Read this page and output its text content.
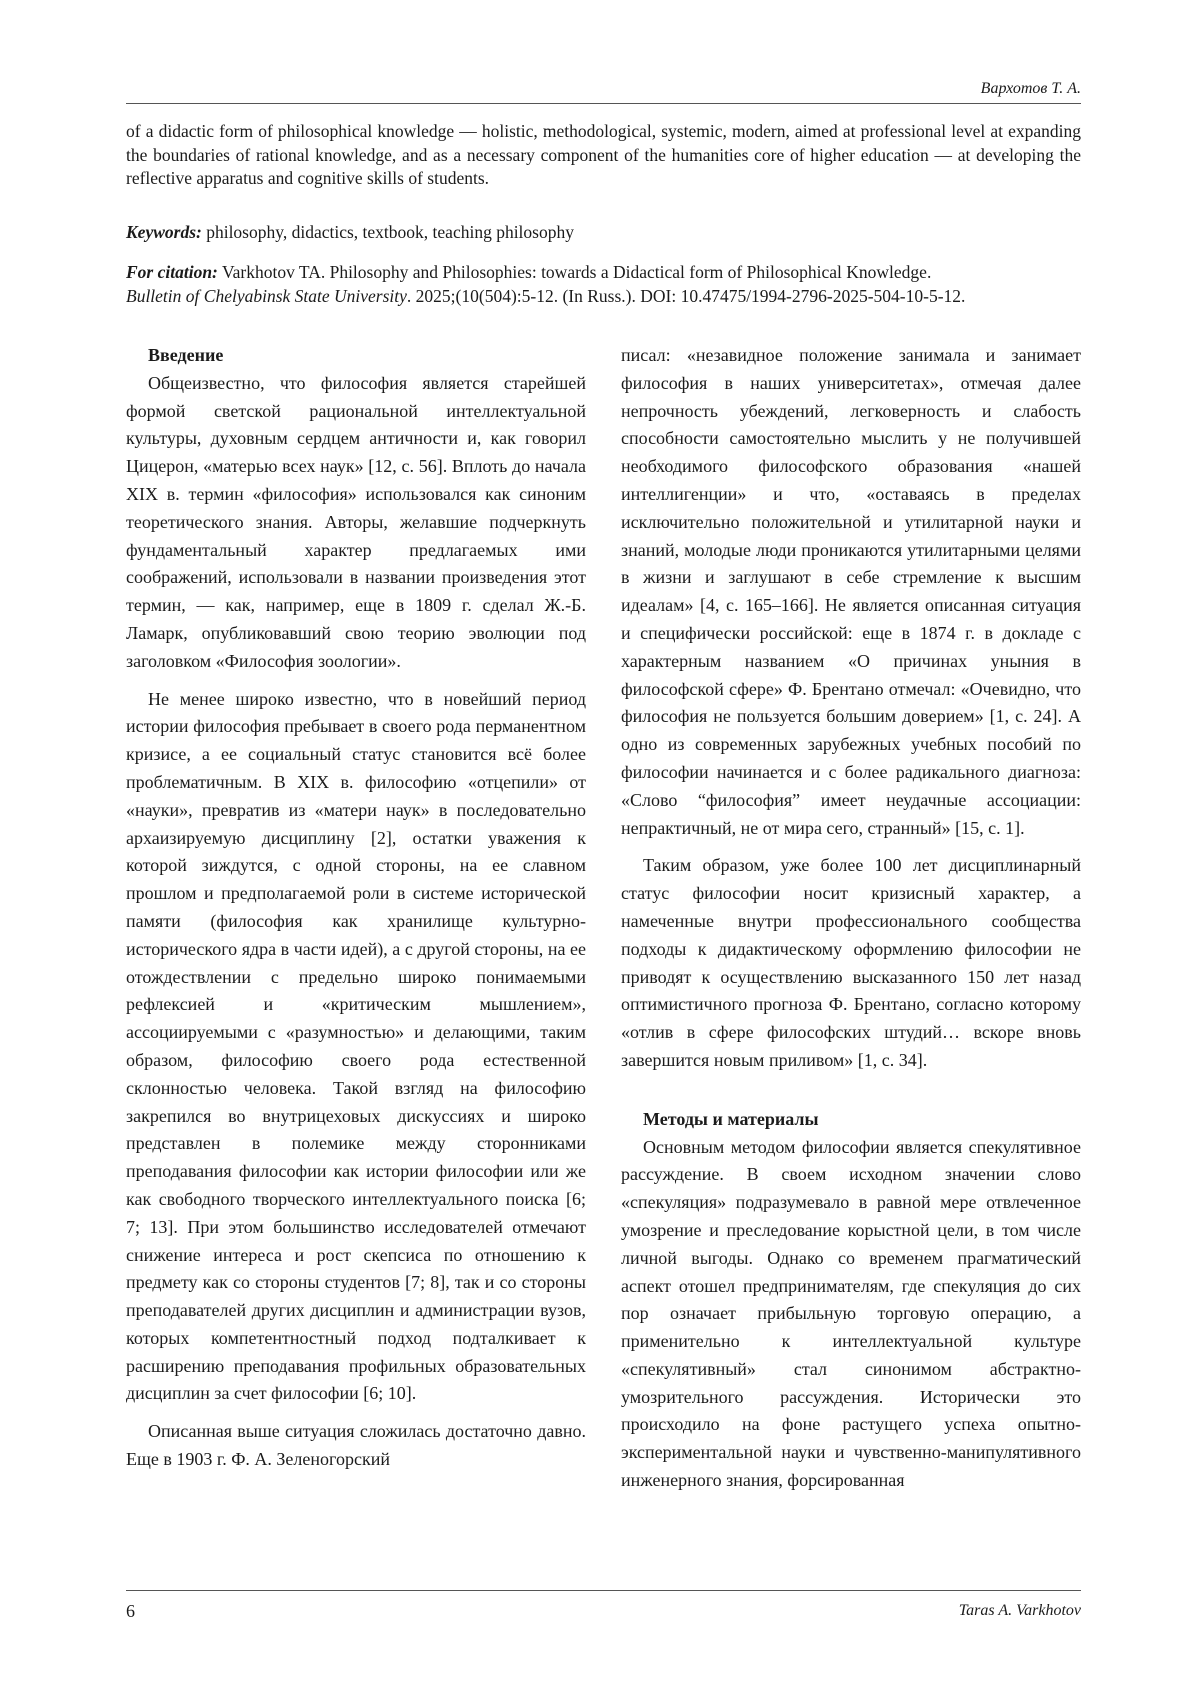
Вархотов Т. А.

of a didactic form of philosophical knowledge — holistic, methodological, systemic, modern, aimed at professional level at expanding the boundaries of rational knowledge, and as a necessary component of the humanities core of higher education — at developing the reflective apparatus and cognitive skills of students.

Keywords: philosophy, didactics, textbook, teaching philosophy

For citation: Varkhotov TA. Philosophy and Philosophies: towards a Didactical form of Philosophical Knowledge.
Bulletin of Chelyabinsk State University. 2025;(10(504):5-12. (In Russ.). DOI: 10.47475/1994-2796-2025-504-10-5-12.

Введение

Общеизвестно, что философия является старейшей формой светской рациональной интеллектуальной культуры, духовным сердцем античности и, как говорил Цицерон, «матерью всех наук» [12, с. 56]. Вплоть до начала XIX в. термин «философия» использовался как синоним теоретического знания. Авторы, желавшие подчеркнуть фундаментальный характер предлагаемых ими соображений, использовали в названии произведения этот термин, — как, например, еще в 1809 г. сделал Ж.-Б. Ламарк, опубликовавший свою теорию эволюции под заголовком «Философия зоологии».

Не менее широко известно, что в новейший период истории философия пребывает в своего рода перманентном кризисе, а ее социальный статус становится всё более проблематичным. В XIX в. философию «отцепили» от «науки», превратив из «матери наук» в последовательно архаизируемую дисциплину [2], остатки уважения к которой зиждутся, с одной стороны, на ее славном прошлом и предполагаемой роли в системе исторической памяти (философия как хранилище культурно-исторического ядра в части идей), а с другой стороны, на ее отождествлении с предельно широко понимаемыми рефлексией и «критическим мышлением», ассоциируемыми с «разумностью» и делающими, таким образом, философию своего рода естественной склонностью человека. Такой взгляд на философию закрепился во внутрицеховых дискуссиях и широко представлен в полемике между сторонниками преподавания философии как истории философии или же как свободного творческого интеллектуального поиска [6; 7; 13]. При этом большинство исследователей отмечают снижение интереса и рост скепсиса по отношению к предмету как со стороны студентов [7; 8], так и со стороны преподавателей других дисциплин и администрации вузов, которых компетентностный подход подталкивает к расширению преподавания профильных образовательных дисциплин за счет философии [6; 10].

Описанная выше ситуация сложилась достаточно давно. Еще в 1903 г. Ф. А. Зеленогорский

писал: «незавидное положение занимала и занимает философия в наших университетах», отмечая далее непрочность убеждений, легковерность и слабость способности самостоятельно мыслить у не получившей необходимого философского образования «нашей интеллигенции» и что, «оставаясь в пределах исключительно положительной и утилитарной науки и знаний, молодые люди проникаются утилитарными целями в жизни и заглушают в себе стремление к высшим идеалам» [4, с. 165–166]. Не является описанная ситуация и специфически российской: еще в 1874 г. в докладе с характерным названием «О причинах уныния в философской сфере» Ф. Брентано отмечал: «Очевидно, что философия не пользуется большим доверием» [1, с. 24]. А одно из современных зарубежных учебных пособий по философии начинается и с более радикального диагноза: «Слово “философия” имеет неудачные ассоциации: непрактичный, не от мира сего, странный» [15, с. 1].

Таким образом, уже более 100 лет дисциплинарный статус философии носит кризисный характер, а намеченные внутри профессионального сообщества подходы к дидактическому оформлению философии не приводят к осуществлению высказанного 150 лет назад оптимистичного прогноза Ф. Брентано, согласно которому «отлив в сфере философских штудий… вскоре вновь завершится новым приливом» [1, с. 34].

Методы и материалы

Основным методом философии является спекулятивное рассуждение. В своем исходном значении слово «спекуляция» подразумевало в равной мере отвлеченное умозрение и преследование корыстной цели, в том числе личной выгоды. Однако со временем прагматический аспект отошел предпринимателям, где спекуляция до сих пор означает прибыльную торговую операцию, а применительно к интеллектуальной культуре «спекулятивный» стал синонимом абстрактно-умозрительного рассуждения. Исторически это происходило на фоне растущего успеха опытно-экспериментальной науки и чувственно-манипулятивного инженерного знания, форсированная

6	Taras A. Varkhotov
